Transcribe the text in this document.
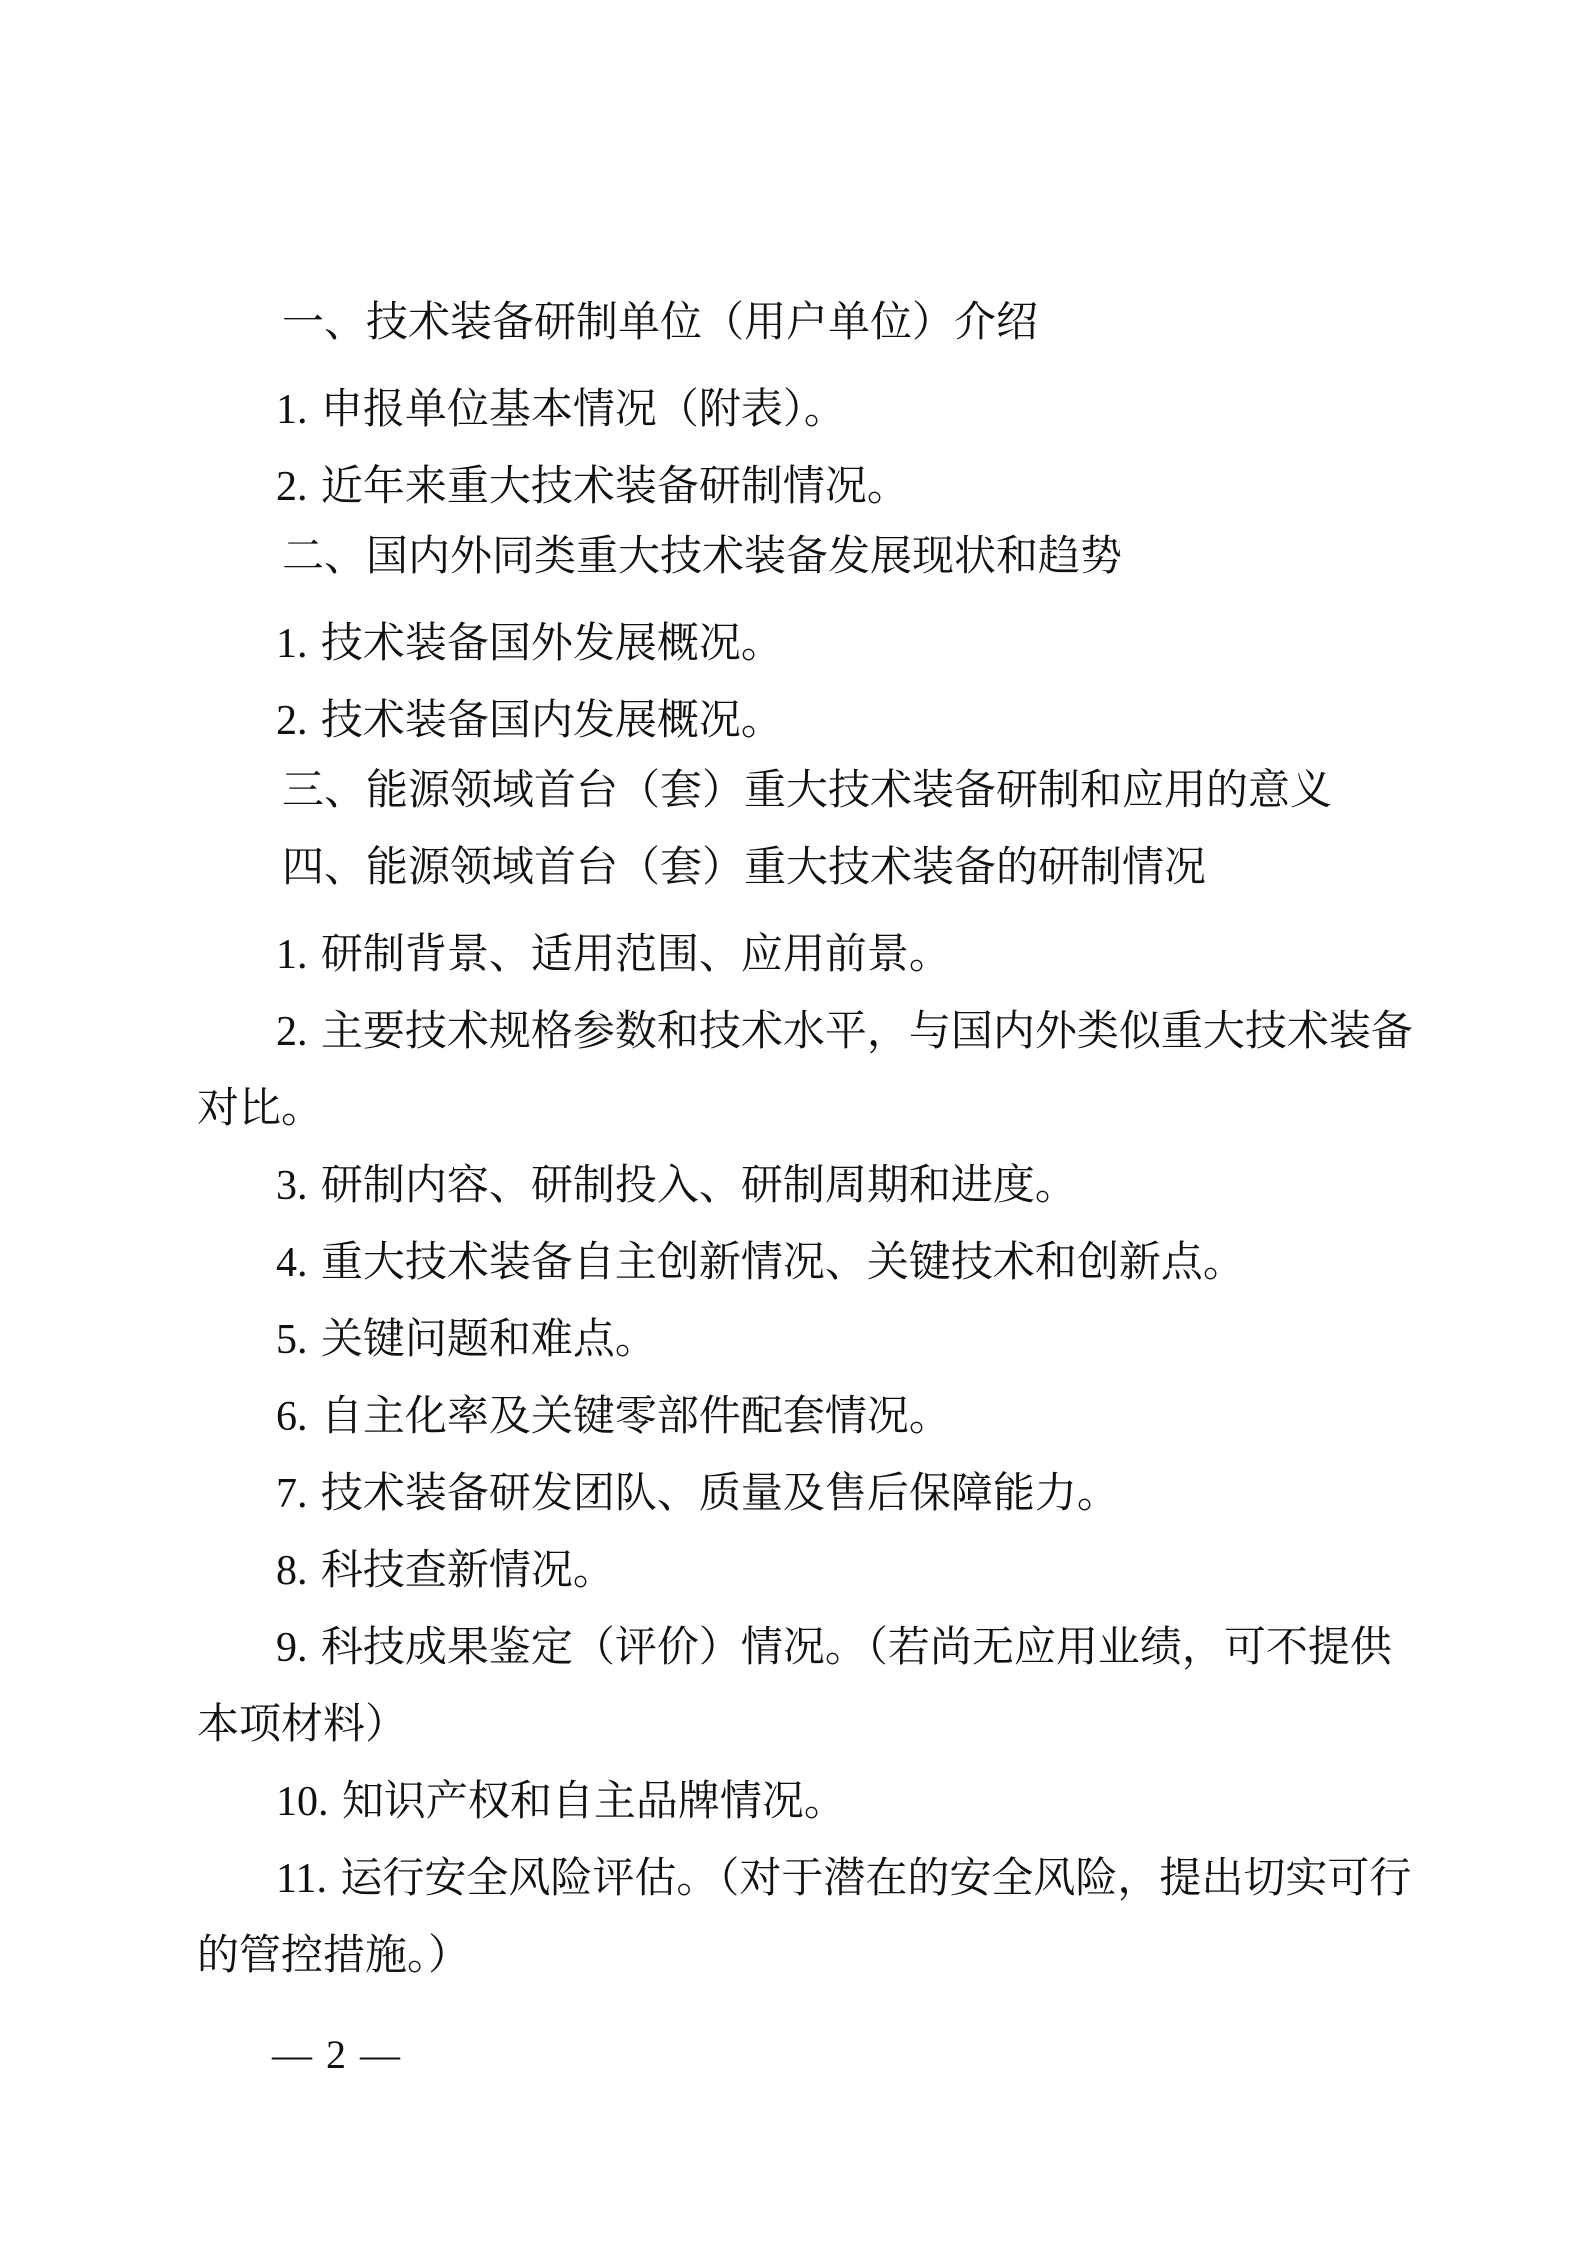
一、技术装备研制单位（用户单位）介绍
1. 申报单位基本情况（附表）。
2. 近年来重大技术装备研制情况。
二、国内外同类重大技术装备发展现状和趋势
1. 技术装备国外发展概况。
2. 技术装备国内发展概况。
三、能源领域首台（套）重大技术装备研制和应用的意义
四、能源领域首台（套）重大技术装备的研制情况
1. 研制背景、适用范围、应用前景。
2. 主要技术规格参数和技术水平，与国内外类似重大技术装备
对比。
3. 研制内容、研制投入、研制周期和进度。
4. 重大技术装备自主创新情况、关键技术和创新点。
5. 关键问题和难点。
6. 自主化率及关键零部件配套情况。
7. 技术装备研发团队、质量及售后保障能力。
8. 科技查新情况。
9. 科技成果鉴定（评价）情况。（若尚无应用业绩，可不提供
本项材料）
10. 知识产权和自主品牌情况。
11. 运行安全风险评估。（对于潜在的安全风险，提出切实可行
的管控措施。）
— 2 —
